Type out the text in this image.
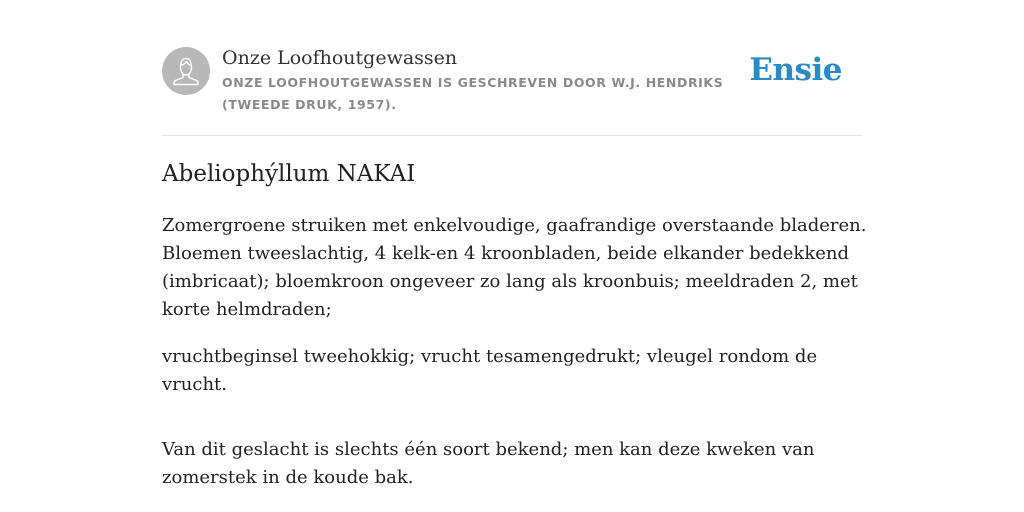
Onze Loofhoutgewassen
ONZE LOOFHOUTGEWASSEN IS GESCHREVEN DOOR W.J. HENDRIKS (TWEEDE DRUK, 1957).
Ensie
Abeliophýllum NAKAI

Zomergroene struiken met enkelvoudige, gaafrandige overstaande bladeren. Bloemen tweeslachtig, 4 kelk-en 4 kroonbladen, beide elkander bedekkend (imbricaat); bloemkroon ongeveer zo lang als kroonbuis; meeldraden 2, met korte helmdraden;

vruchtbeginsel tweehokkig; vrucht tesamengedrukt; vleugel rondom de vrucht.

Van dit geslacht is slechts één soort bekend; men kan deze kweken van zomerstek in de koude bak.
